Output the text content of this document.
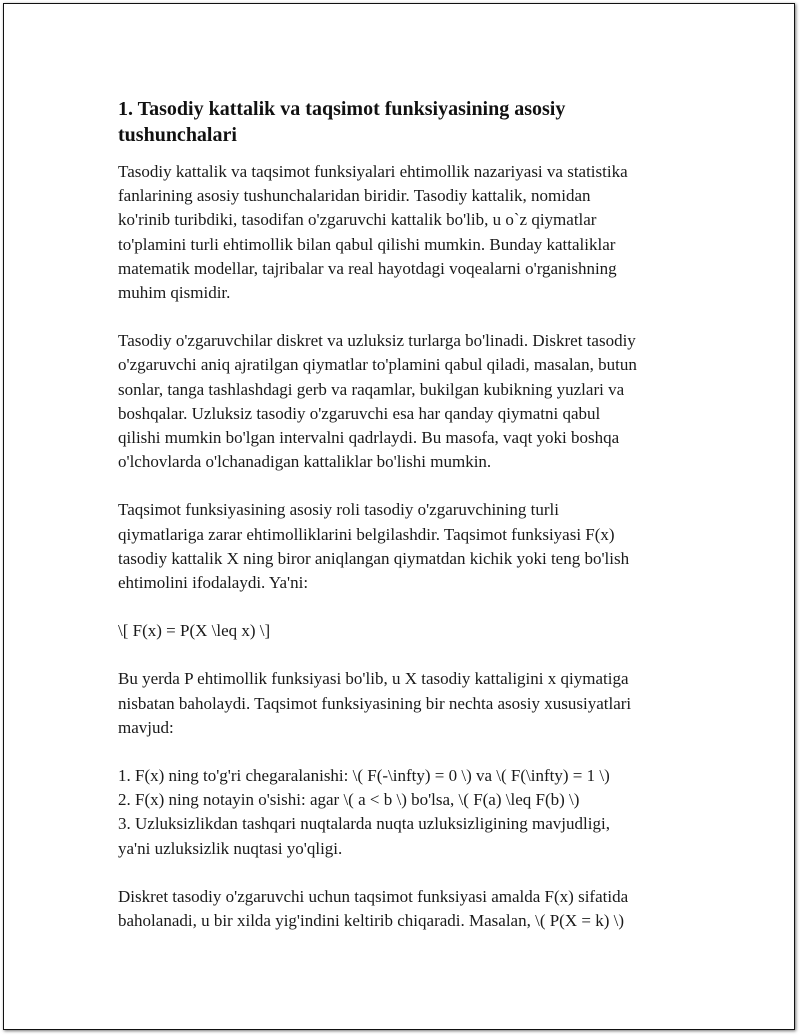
1. Tasodiy kattalik va taqsimot funksiyasining asosiy
tushunchalari

Tasodiy kattalik va taqsimot funksiyalari ehtimollik nazariyasi va statistika
fanlarining asosiy tushunchalaridan biridir. Tasodiy kattalik, nomidan
ko'rinib turibdiki, tasodifan o'zgaruvchi kattalik bo'lib, u o`z qiymatlar
to'plamini turli ehtimollik bilan qabul qilishi mumkin. Bunday kattaliklar
matematik modellar, tajribalar va real hayotdagi voqealarni o'rganishning
muhim qismidir.

Tasodiy o'zgaruvchilar diskret va uzluksiz turlarga bo'linadi. Diskret tasodiy
o'zgaruvchi aniq ajratilgan qiymatlar to'plamini qabul qiladi, masalan, butun
sonlar, tanga tashlashdagi gerb va raqamlar, bukilgan kubikning yuzlari va
boshqalar. Uzluksiz tasodiy o'zgaruvchi esa har qanday qiymatni qabul
qilishi mumkin bo'lgan intervalni qadrlaydi. Bu masofa, vaqt yoki boshqa
o'lchovlarda o'lchanadigan kattaliklar bo'lishi mumkin.

Taqsimot funksiyasining asosiy roli tasodiy o'zgaruvchining turli
qiymatlariga zarar ehtimolliklarini belgilashdir. Taqsimot funksiyasi F(x)
tasodiy kattalik X ning biror aniqlangan qiymatdan kichik yoki teng bo'lish
ehtimolini ifodalaydi. Ya'ni:

\[ F(x) = P(X \leq x) \]

Bu yerda P ehtimollik funksiyasi bo'lib, u X tasodiy kattaligini x qiymatiga
nisbatan baholaydi. Taqsimot funksiyasining bir nechta asosiy xususiyatlari
mavjud:

1. F(x) ning to'g'ri chegaralanishi: \( F(-\infty) = 0 \) va \( F(\infty) = 1 \)
2. F(x) ning notayin o'sishi: agar \( a < b \) bo'lsa, \( F(a) \leq F(b) \)
3. Uzluksizlikdan tashqari nuqtalarda nuqta uzluksizligining mavjudligi,
ya'ni uzluksizlik nuqtasi yo'qligi.

Diskret tasodiy o'zgaruvchi uchun taqsimot funksiyasi amalda F(x) sifatida
baholanadi, u bir xilda yig'indini keltirib chiqaradi. Masalan, \( P(X = k) \)
